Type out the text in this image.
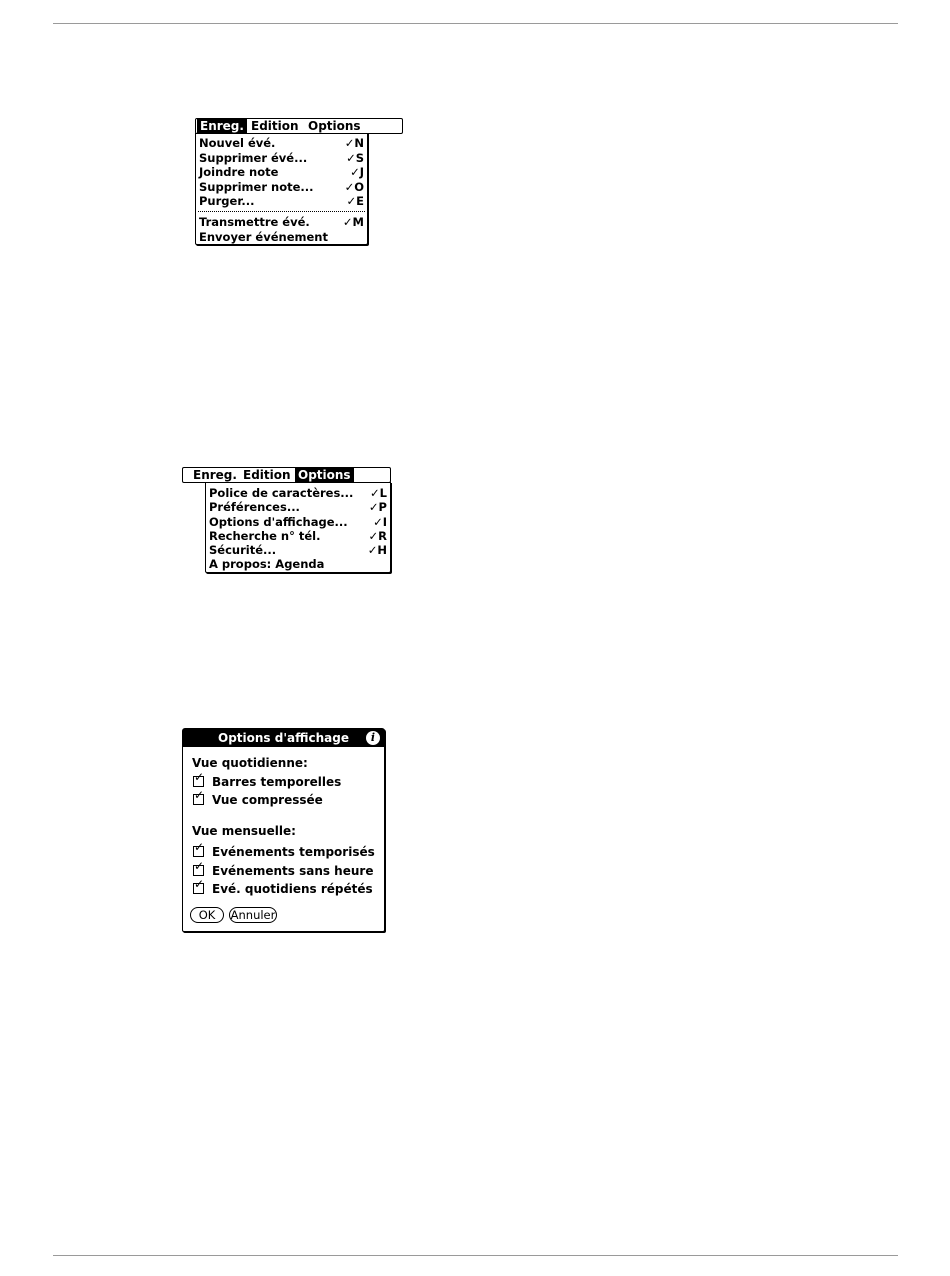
Enreg. Edition Options
Nouvel évé.	✓N
Supprimer évé...	✓S
Joindre note	✓J
Supprimer note...	✓O
Purger...	✓E
Transmettre évé.	✓M
Envoyer événement
Enreg. Edition Options
Police de caractères... ✓L
Préférences...	✓P
Options d'affichage... ✓I
Recherche n° tél.	✓R
Sécurité...	✓H
A propos: Agenda
Options d'affichage	i
Vue quotidienne:
✓ Barres temporelles
✓ Vue compressée
Vue mensuelle:
✓ Evénements temporisés
✓ Evénements sans heure
✓ Evé. quotidiens répétés
OK	Annuler
